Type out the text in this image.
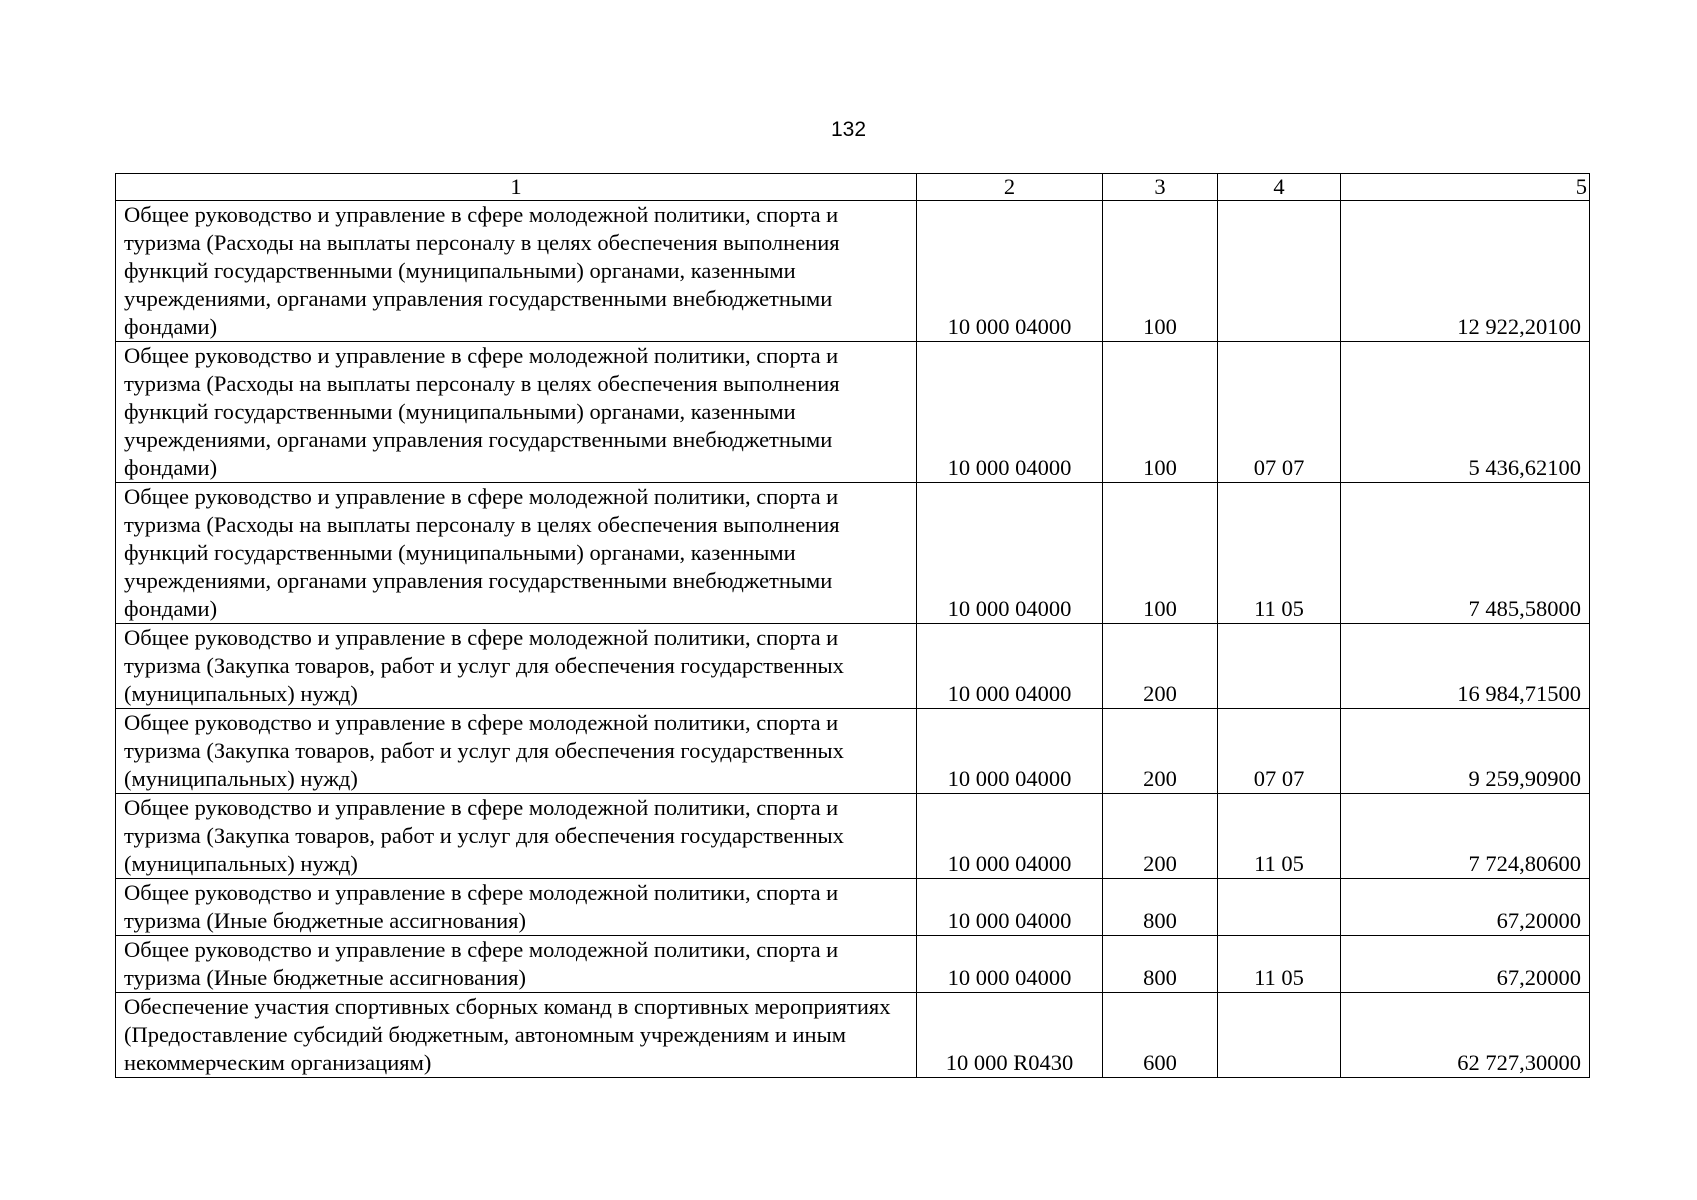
132
1	2	3	4	5
Общее руководство и управление в сфере молодежной политики, спорта и туризма (Расходы на выплаты персоналу в целях обеспечения выполнения функций государственными (муниципальными) органами, казенными учреждениями, органами управления государственными внебюджетными фондами)	10 000 04000	100		12 922,20100
Общее руководство и управление в сфере молодежной политики, спорта и туризма (Расходы на выплаты персоналу в целях обеспечения выполнения функций государственными (муниципальными) органами, казенными учреждениями, органами управления государственными внебюджетными фондами)	10 000 04000	100	07 07	5 436,62100
Общее руководство и управление в сфере молодежной политики, спорта и туризма (Расходы на выплаты персоналу в целях обеспечения выполнения функций государственными (муниципальными) органами, казенными учреждениями, органами управления государственными внебюджетными фондами)	10 000 04000	100	11 05	7 485,58000
Общее руководство и управление в сфере молодежной политики, спорта и туризма (Закупка товаров, работ и услуг для обеспечения государственных (муниципальных) нужд)	10 000 04000	200		16 984,71500
Общее руководство и управление в сфере молодежной политики, спорта и туризма (Закупка товаров, работ и услуг для обеспечения государственных (муниципальных) нужд)	10 000 04000	200	07 07	9 259,90900
Общее руководство и управление в сфере молодежной политики, спорта и туризма (Закупка товаров, работ и услуг для обеспечения государственных (муниципальных) нужд)	10 000 04000	200	11 05	7 724,80600
Общее руководство и управление в сфере молодежной политики, спорта и туризма (Иные бюджетные ассигнования)	10 000 04000	800		67,20000
Общее руководство и управление в сфере молодежной политики, спорта и туризма (Иные бюджетные ассигнования)	10 000 04000	800	11 05	67,20000
Обеспечение участия спортивных сборных команд в спортивных мероприятиях (Предоставление субсидий бюджетным, автономным учреждениям и иным некоммерческим организациям)	10 000 R0430	600		62 727,30000
